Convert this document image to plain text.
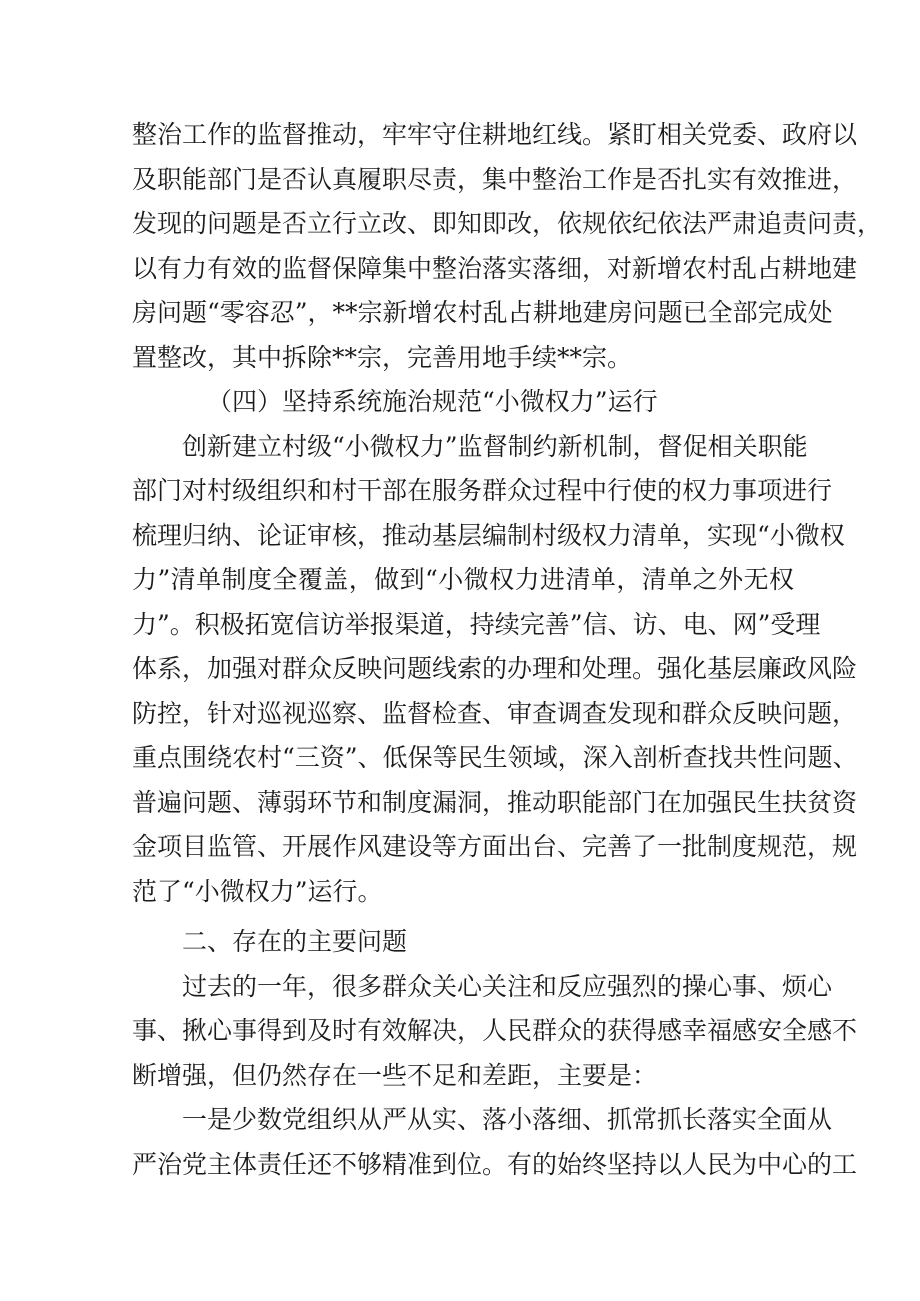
整治工作的监督推动，牢牢守住耕地红线。紧盯相关党委、政府以
及职能部门是否认真履职尽责，集中整治工作是否扎实有效推进，
发现的问题是否立行立改、即知即改，依规依纪依法严肃追责问责，
以有力有效的监督保障集中整治落实落细，对新增农村乱占耕地建
房问题“零容忍”，**宗新增农村乱占耕地建房问题已全部完成处
置整改，其中拆除**宗，完善用地手续**宗。
（四）坚持系统施治规范“小微权力”运行
创新建立村级“小微权力”监督制约新机制，督促相关职能
部门对村级组织和村干部在服务群众过程中行使的权力事项进行
梳理归纳、论证审核，推动基层编制村级权力清单，实现“小微权
力”清单制度全覆盖，做到“小微权力进清单，清单之外无权
力”。积极拓宽信访举报渠道，持续完善”信、访、电、网”受理
体系，加强对群众反映问题线索的办理和处理。强化基层廉政风险
防控，针对巡视巡察、监督检查、审查调查发现和群众反映问题，
重点围绕农村“三资”、低保等民生领域，深入剖析查找共性问题、
普遍问题、薄弱环节和制度漏洞，推动职能部门在加强民生扶贫资
金项目监管、开展作风建设等方面出台、完善了一批制度规范，规
范了“小微权力”运行。
二、存在的主要问题
过去的一年，很多群众关心关注和反应强烈的操心事、烦心
事、揪心事得到及时有效解决，人民群众的获得感幸福感安全感不
断增强，但仍然存在一些不足和差距，主要是：
一是少数党组织从严从实、落小落细、抓常抓长落实全面从
严治党主体责任还不够精准到位。有的始终坚持以人民为中心的工
